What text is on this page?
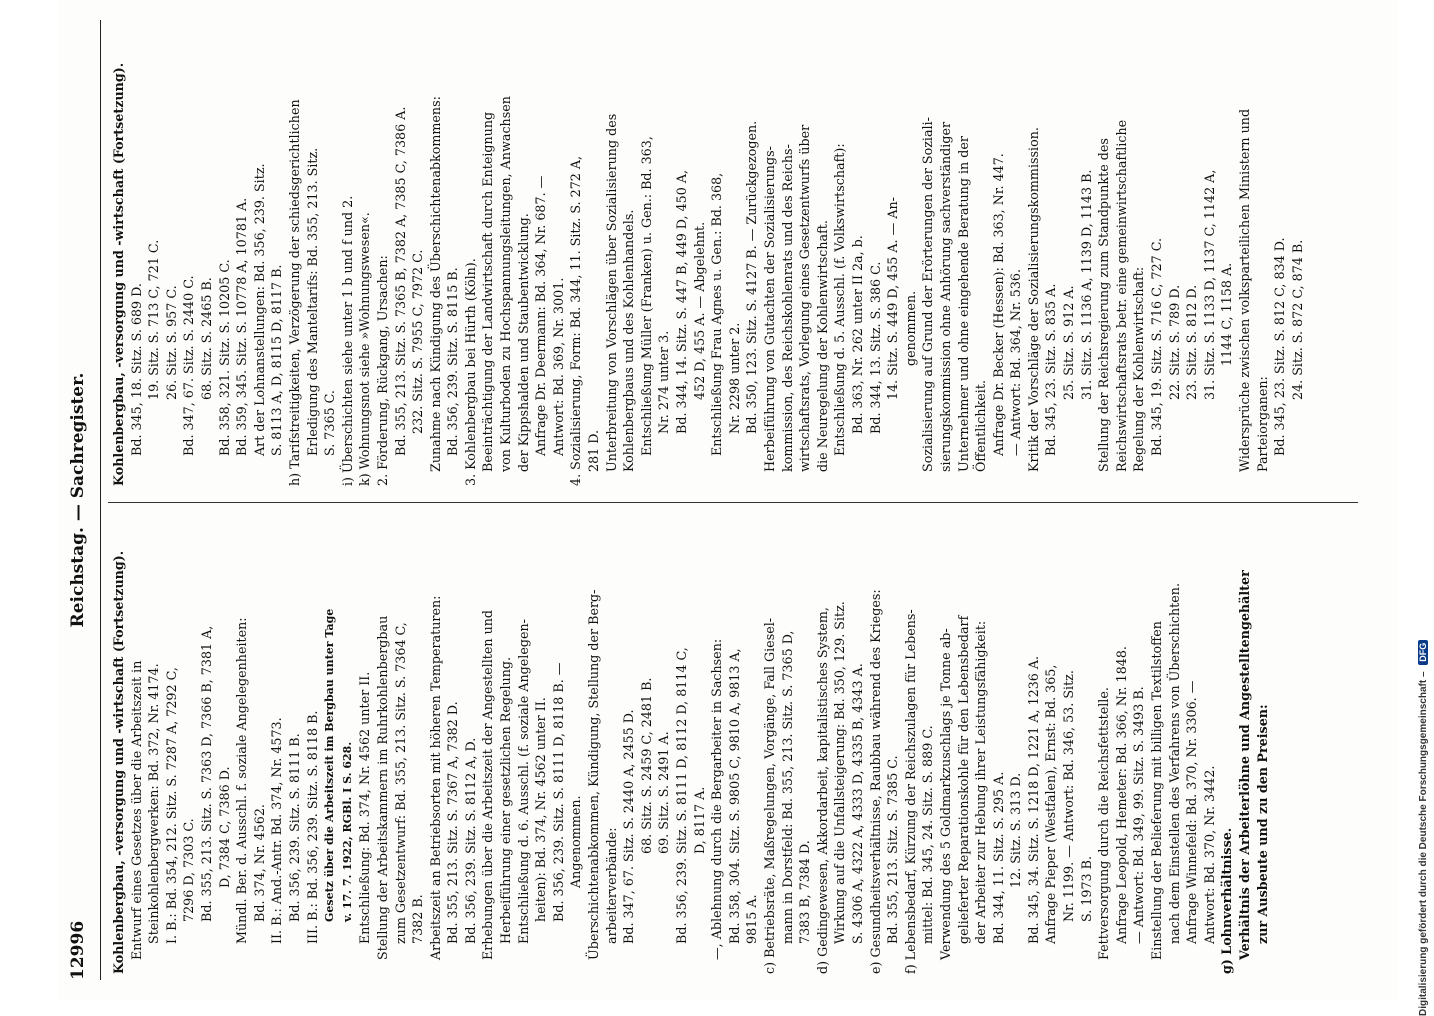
12996
Reichstag. — Sachregister.
Kohlenbergbau, -versorgung und -wirtschaft (Fortsetzung). Entwurf eines Gesetzes über die Arbeitszeit in Steinkohlenbergwerken: Bd. 372, Nr. 4174. I. B.: Bd. 354, 212. Sitz. S. 7287 A, 7292 C, 7296 D, 7303 C. Bd. 355, 213. Sitz. S. 7363 D, 7366 B, 7381 A, D, 7384 C, 7386 D. Mündl. Ber. d. Ausschl. f. soziale Angelegenheiten: Bd. 374, Nr. 4562. II. B.: And.-Antr. Bd. 374, Nr. 4573. Bd. 356, 239. Sitz. S. 8111 B. III. B.: Bd. 356, 239. Sitz. S. 8118 B. Gesetz über die Arbeitszeit im Bergbau unter Tage v. 17. 7. 1922, RGBl. I S. 628. Entschließung: Bd. 374, Nr. 4562 unter II. Stellung der Arbeitskammern im Ruhrkohlenbergbau zum Gesetzentwurf: Bd. 355, 213. Sitz. S. 7364 C, 7382 B. Arbeitszeit an Betriebsorten mit höheren Temperaturen: Bd. 355, 213. Sitz. S. 7367 A, 7382 D. Bd. 356, 239. Sitz. S. 8112 A, D. Erhebungen über die Arbeitszeit der Angestellten und Herbeiführung einer gesetzlichen Regelung. Entschließung d. 6. Ausschl. (f. soziale Angelegen- heiten): Bd. 374, Nr. 4562 unter II. Bd. 356, 239. Sitz. S. 8111 D, 8118 B. — Angenommen. Überschichtenabkommen, Kündigung, Stellung der Berg- arbeiterverbände: Bd. 347, 67. Sitz. S. 2440 A, 2455 D. 68. Sitz. S. 2459 C, 2481 B. 69. Sitz. S. 2491 A. Bd. 356, 239. Sitz. S. 8111 D, 8112 D, 8114 C, D, 8117 A. —, Ablehnung durch die Bergarbeiter in Sachsen: Bd. 358, 304. Sitz. S. 9805 C, 9810 A, 9813 A, 9815 A. c) Betriebsräte, Maßregelungen, Vorgänge, Fall Giesel- mann in Dorstfeld: Bd. 355, 213. Sitz. S. 7365 D, 7383 B, 7384 D. d) Gedingewesen, Akkordarbeit, kapitalistisches System, Wirkung auf die Unfallsteigerung: Bd. 350, 129. Sitz. S. 4306 A, 4322 A, 4333 D, 4335 B, 4343 A. e) Gesundheitsverhältnisse, Raubbau während des Krieges: Bd. 355, 213. Sitz. S. 7385 C. f) Lebensbedarf, Kürzung der Reichszulagen für Lebens- mittel: Bd. 345, 24. Sitz. S. 889 C. Verwendung des 5 Goldmarkzuschlags je Tonne ab- gelieferter Reparationskohle für den Lebensbedarf der Arbeiter zur Hebung ihrer Leistungsfähigkeit: Bd. 344, 11. Sitz. S. 295 A. 12. Sitz. S. 313 D. Bd. 345, 34. Sitz. S. 1218 D, 1221 A, 1236 A. Anfrage Pieper (Westfalen), Ernst: Bd. 365, Nr. 1199. — Antwort: Bd. 346, 53. Sitz. S. 1973 B. Fettversorgung durch die Reichsfettstelle. Anfrage Leopold, Hemeter: Bd. 366, Nr. 1848. — Antwort: Bd. 349, 99. Sitz. S. 3493 B. Einstellung der Belieferung mit billigen Textilstoffen nach dem Einstellen des Verfahrens von Überschichten. Anfrage Winnefeld: Bd. 370, Nr. 3306. — Antwort: Bd. 370, Nr. 3442. g) Lohnverhältnisse. Verhältnis der Arbeiterlöhne und Angestelltengehälter zur Ausbeute und zu den Preisen:
Kohlenbergbau, -versorgung und -wirtschaft (Fortsetzung). Bd. 345, 18. Sitz. S. 689 D. 19. Sitz. S. 713 C, 721 C. 26. Sitz. S. 957 C. Bd. 347, 67. Sitz. S. 2440 C. 68. Sitz. S. 2465 B. Bd. 358, 321. Sitz. S. 10205 C. Bd. 359, 345. Sitz. S. 10778 A, 10781 A. Art der Lohnanstellungen: Bd. 356, 239. Sitz. S. 8113 A, D, 8115 D, 8117 B. h) Tarifstreitigkeiten, Verzögerung der schiedsgerichtlichen Erledigung des Manteltarifs: Bd. 355, 213. Sitz. S. 7365 C. i) Überschichten siehe unter 1 b und f und 2. k) Wohnungsnot siehe »Wohnungswesen«. 2. Förderung, Rückgang, Ursachen: Bd. 355, 213. Sitz. S. 7365 B, 7382 A, 7385 C, 7386 A. 232. Sitz. S. 7955 C, 7972 C. Zunahme nach Kündigung des Überschichtenabkommens: Bd. 356, 239. Sitz. S. 8115 B. 3. Kohlenbergbau bei Hürth (Köln). Beeinträchtigung der Landwirtschaft durch Enteignung von Kulturboden zu Hochspannungsleitungen, Anwachsen der Kippshalden und Staubentwicklung. Anfrage Dr. Deermann: Bd. 364, Nr. 687. — Antwort: Bd. 369, Nr. 3001. 4. Sozialisierung, Form: Bd. 344, 11. Sitz. S. 272 A, 281 D. Unterbreitung von Vorschlägen über Sozialisierung des Kohlenbergbaus und des Kohlenhandels. Entschließung Müller (Franken) u. Gen.: Bd. 363, Nr. 274 unter 3. Bd. 344, 14. Sitz. S. 447 B, 449 D, 450 A, 452 D, 455 A. — Abgelehnt. Entschließung Frau Agnes u. Gen.: Bd. 368, Nr. 2298 unter 2. Bd. 350, 123. Sitz. S. 4127 B. — Zurückgezogen. Herbeiführung von Gutachten der Sozialisierungs- kommission, des Reichskohlenrats und des Reichs- wirtschaftsrats, Vorlegung eines Gesetzentwurfs über die Neuregelung der Kohlenwirtschaft. Entschließung d. 5. Ausschl. (f. Volkswirtschaft): Bd. 363, Nr. 262 unter II 2a, b. Bd. 344, 13. Sitz. S. 386 C. 14. Sitz. S. 449 D, 455 A. — An- genommen. Sozialisierung auf Grund der Erörterungen der Soziali- sierungskommission ohne Anhörung sachverständiger Unternehmer und ohne eingehende Beratung in der Öffentlichkeit. Anfrage Dr. Becker (Hessen): Bd. 363, Nr. 447. — Antwort: Bd. 364, Nr. 536. Kritik der Vorschläge der Sozialisierungskommission. Bd. 345, 23. Sitz. S. 835 A. 25. Sitz. S. 912 A. 31. Sitz. S. 1136 A, 1139 D, 1143 B. Stellung der Reichsregierung zum Standpunkte des Reichswirtschaftsrats betr. eine gemeinwirtschaftliche Regelung der Kohlenwirtschaft: Bd. 345, 19. Sitz. S. 716 C, 727 C. 22. Sitz. S. 789 D. 23. Sitz. S. 812 D. 31. Sitz. S. 1133 D, 1137 C, 1142 A, 1144 C, 1158 A. Widersprüche zwischen volksparteilichen Ministern und Parteiorganen: Bd. 345, 23. Sitz. S. 812 C, 834 D. 24. Sitz. S. 872 C, 874 B.
Digitalisierung gefördert durch die Deutsche Forschungsgemeinschaft – DFG
